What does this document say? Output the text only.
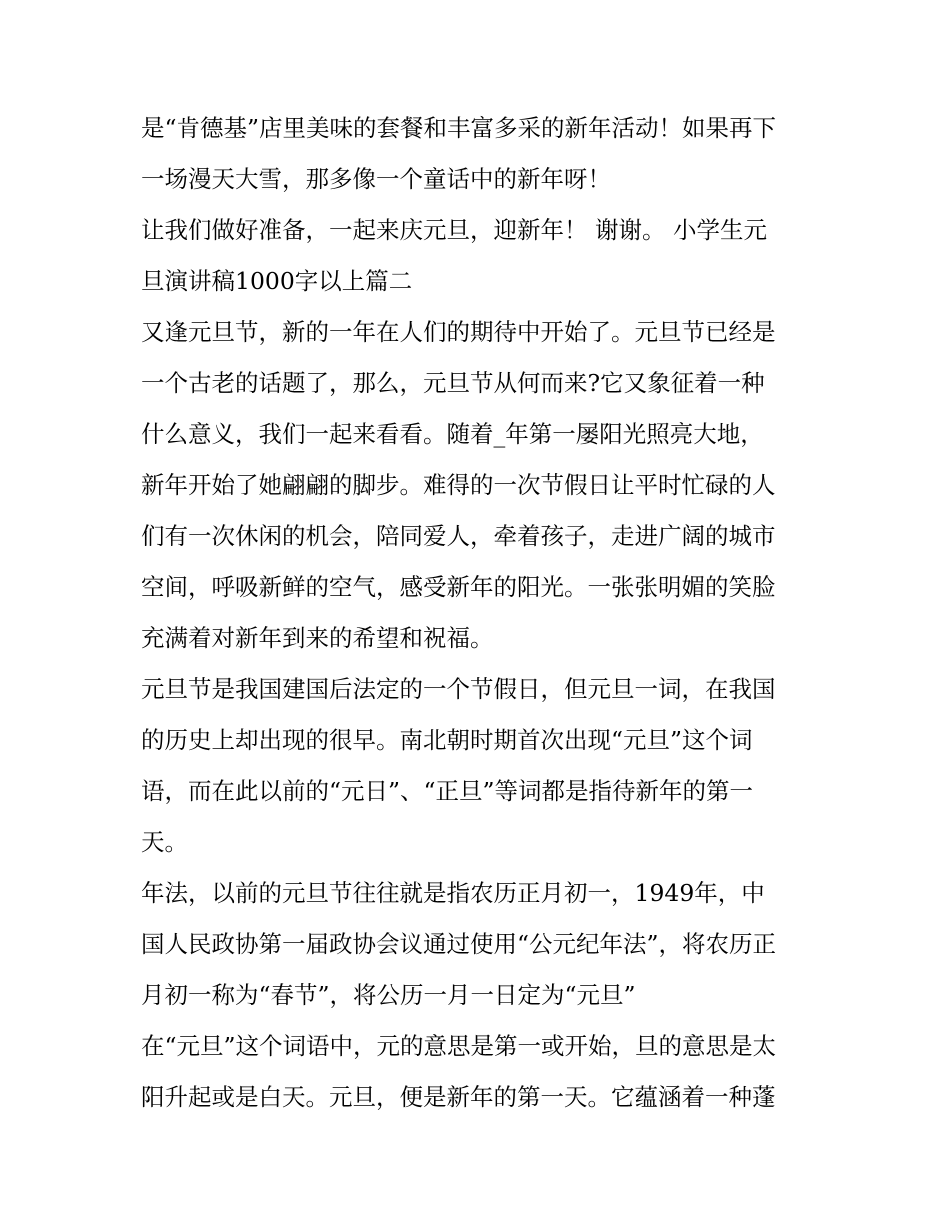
是“肯德基”店里美味的套餐和丰富多采的新年活动！如果再下
一场漫天大雪，那多像一个童话中的新年呀！

让我们做好准备，一起来庆元旦，迎新年！ 谢谢。 小学生元
旦演讲稿1000字以上篇二

又逢元旦节，新的一年在人们的期待中开始了。元旦节已经是
一个古老的话题了，那么，元旦节从何而来?它又象征着一种
什么意义，我们一起来看看。随着_年第一屡阳光照亮大地，
新年开始了她翩翩的脚步。难得的一次节假日让平时忙碌的人
们有一次休闲的机会，陪同爱人，牵着孩子，走进广阔的城市
空间，呼吸新鲜的空气，感受新年的阳光。一张张明媚的笑脸
充满着对新年到来的希望和祝福。

元旦节是我国建国后法定的一个节假日，但元旦一词，在我国
的历史上却出现的很早。南北朝时期首次出现“元旦”这个词
语，而在此以前的“元日”、“正旦”等词都是指待新年的第一
天。

年法，以前的元旦节往往就是指农历正月初一，1949年，中
国人民政协第一届政协会议通过使用“公元纪年法”，将农历正
月初一称为“春节”，将公历一月一日定为“元旦”

在“元旦”这个词语中，元的意思是第一或开始，旦的意思是太
阳升起或是白天。元旦，便是新年的第一天。它蕴涵着一种蓬
